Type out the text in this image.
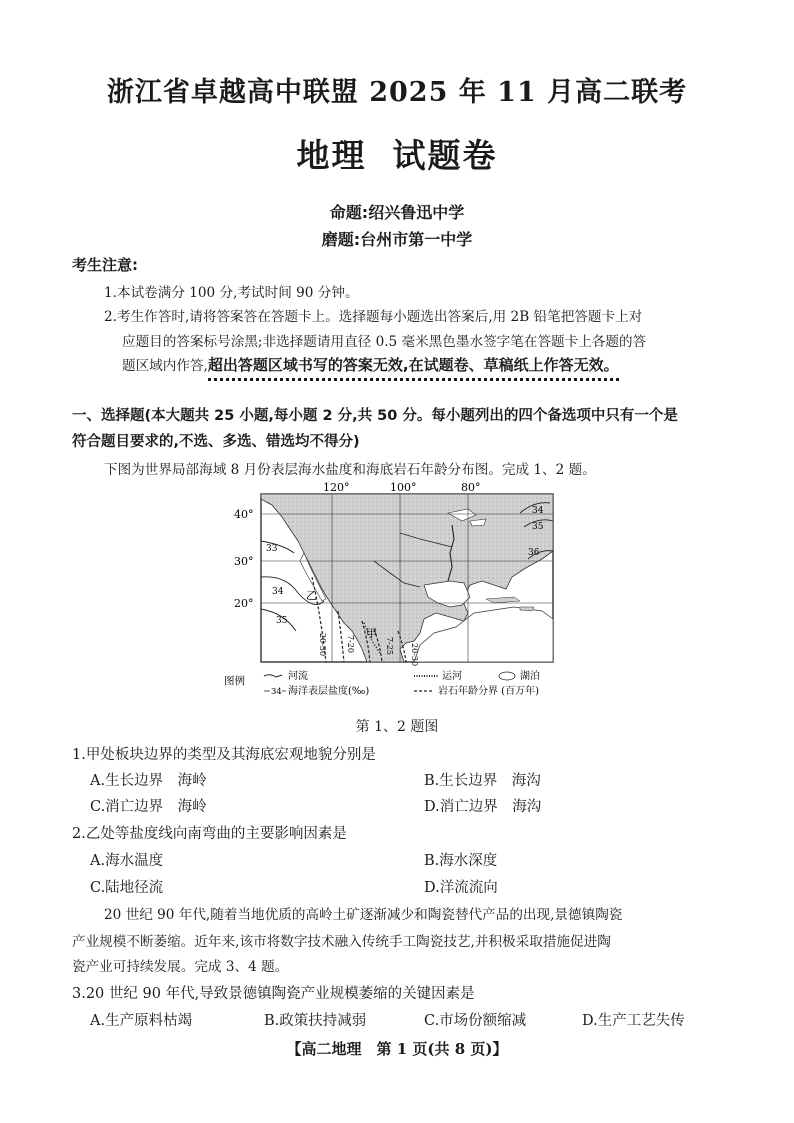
浙江省卓越高中联盟 2025 年 11 月高二联考
地理 试题卷
命题:绍兴鲁迅中学
磨题:台州市第一中学
考生注意:
1.本试卷满分 100 分,考试时间 90 分钟。
2.考生作答时,请将答案答在答题卡上。选择题每小题选出答案后,用 2B 铅笔把答题卡上对
应题目的答案标号涂黑;非选择题请用直径 0.5 毫米黑色墨水签字笔在答题卡上各题的答
题区域内作答,超出答题区域书写的答案无效,在试题卷、草稿纸上作答无效。
一、选择题(本大题共 25 小题,每小题 2 分,共 50 分。每小题列出的四个备选项中只有一个是
符合题目要求的,不选、多选、错选均不得分)
下图为世界局部海域 8 月份表层海水盐度和海底岩石年龄分布图。完成 1、2 题。
120°	100°	80°
40°
30°
20°
33
34
35
34
35
36
20-30 7-20	7-25 20-30
乙
甲
图例	河流	运河	湖泊
34 海洋表层盐度(‰)	岩石年龄分界 (百万年)
第 1、2 题图
1.甲处板块边界的类型及其海底宏观地貌分别是
A.生长边界　海岭	B.生长边界　海沟
C.消亡边界　海岭	D.消亡边界　海沟
2.乙处等盐度线向南弯曲的主要影响因素是
A.海水温度	B.海水深度
C.陆地径流	D.洋流流向
20 世纪 90 年代,随着当地优质的高岭土矿逐渐减少和陶瓷替代产品的出现,景德镇陶瓷
产业规模不断萎缩。近年来,该市将数字技术融入传统手工陶瓷技艺,并积极采取措施促进陶
瓷产业可持续发展。完成 3、4 题。
3.20 世纪 90 年代,导致景德镇陶瓷产业规模萎缩的关键因素是
A.生产原料枯竭	B.政策扶持减弱	C.市场份额缩减	D.生产工艺失传
【高二地理　第 1 页(共 8 页)】
